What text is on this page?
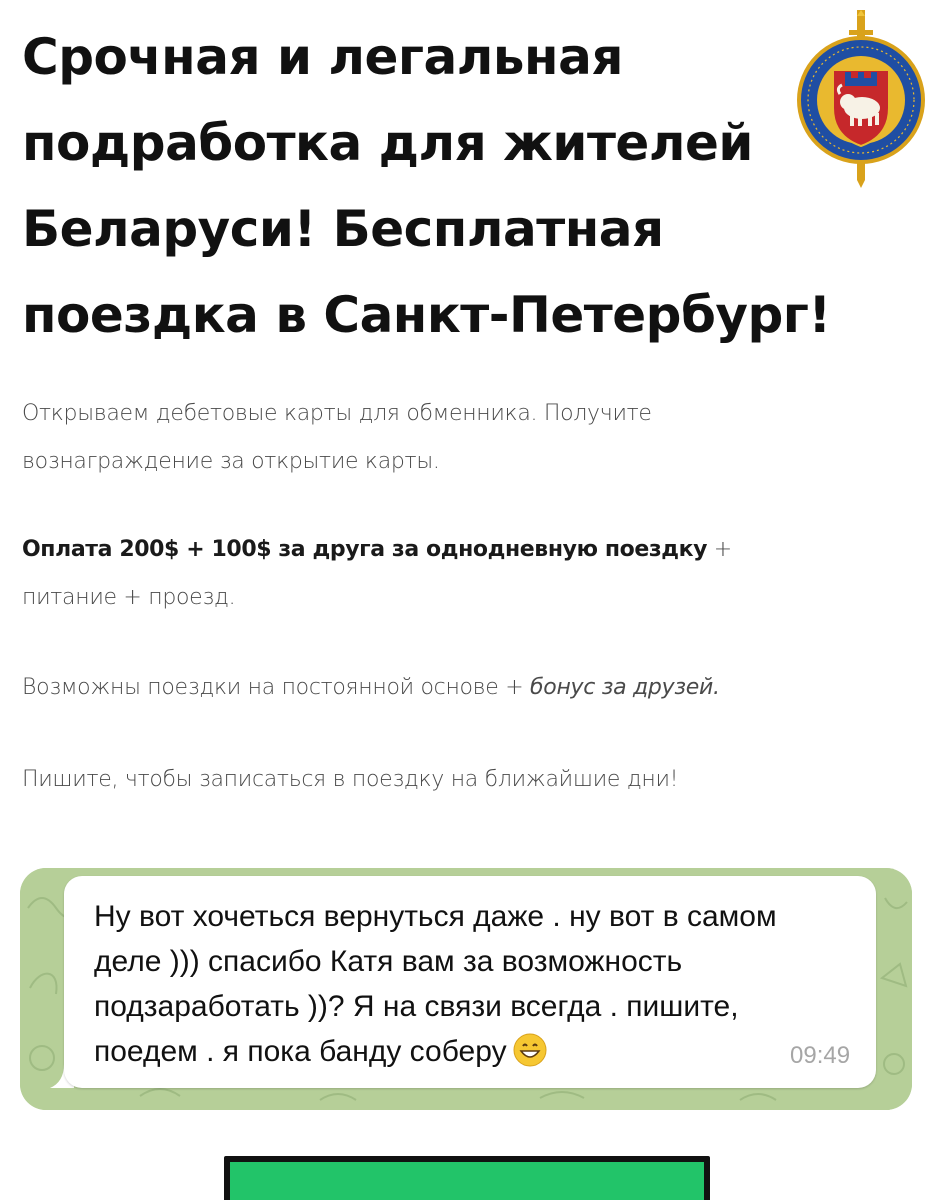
Срочная и легальная
подработка для жителей
Беларуси! Бесплатная
поездка в Санкт-Петербург!

Открываем дебетовые карты для обменника. Получите
вознаграждение за открытие карты.

Оплата 200$ + 100$ за друга за однодневную поездку +
питание + проезд.

Возможны поездки на постоянной основе + бонус за друзей.

Пишите, чтобы записаться в поездку на ближайшие дни!

Ну вот хочеться вернуться даже . ну вот в самом
деле ))) спасибо Катя вам за возможность
подзаработать ))? Я на связи всегда . пишите,
поедем . я пока банду соберу	09:49
